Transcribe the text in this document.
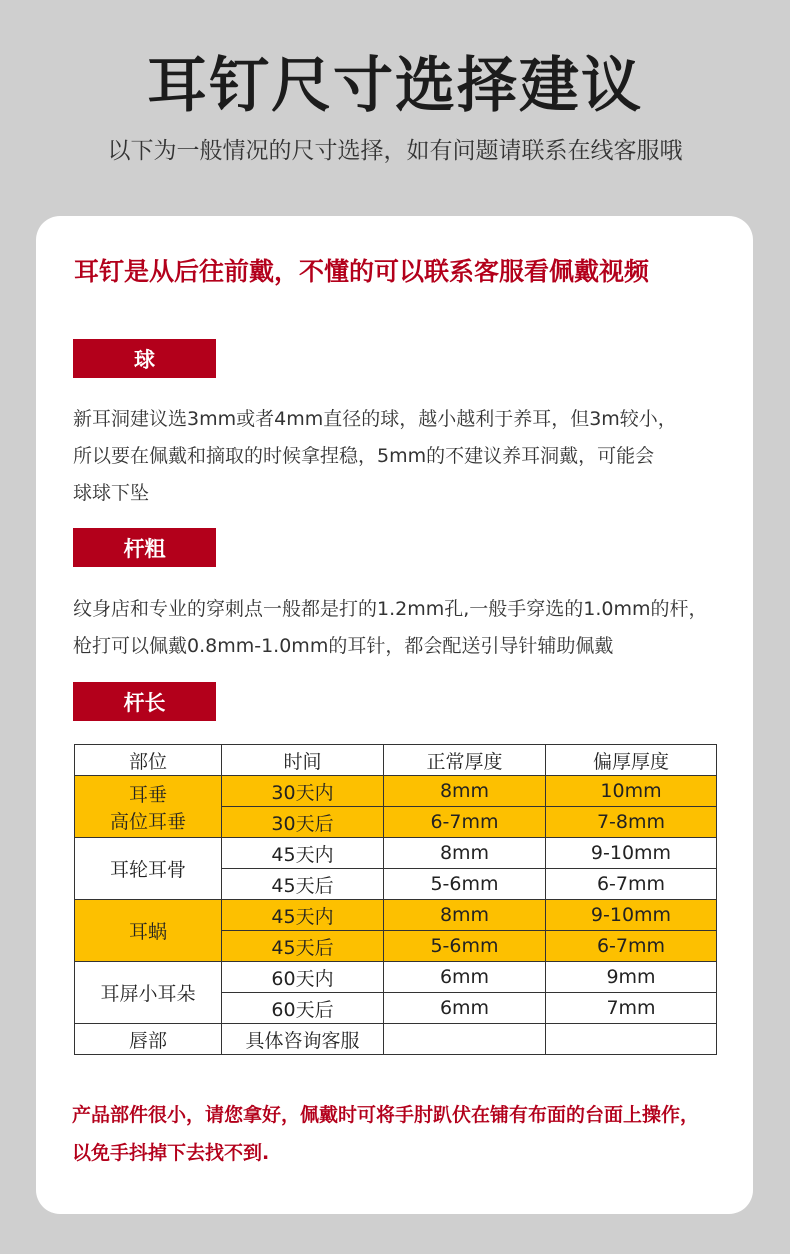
耳钉尺寸选择建议
以下为一般情况的尺寸选择，如有问题请联系在线客服哦
耳钉是从后往前戴，不懂的可以联系客服看佩戴视频
球
新耳洞建议选3mm或者4mm直径的球，越小越利于养耳，但3m较小，
所以要在佩戴和摘取的时候拿捏稳，5mm的不建议养耳洞戴，可能会
球球下坠
杆粗
纹身店和专业的穿刺点一般都是打的1.2mm孔,一般手穿选的1.0mm的杆，
枪打可以佩戴0.8mm-1.0mm的耳针，都会配送引导针辅助佩戴
杆长
部位	时间	正常厚度	偏厚厚度

耳垂
高位耳垂	30天内	8mm	10mm
	30天后	6-7mm	7-8mm

耳轮耳骨	45天内	8mm	9-10mm
	45天后	5-6mm	6-7mm

耳蜗	45天内	8mm	9-10mm
	45天后	5-6mm	6-7mm

耳屏小耳朵	60天内	6mm	9mm
	60天后	6mm	7mm

唇部	具体咨询客服		
产品部件很小，请您拿好，佩戴时可将手肘趴伏在铺有布面的台面上操作，
以免手抖掉下去找不到.
